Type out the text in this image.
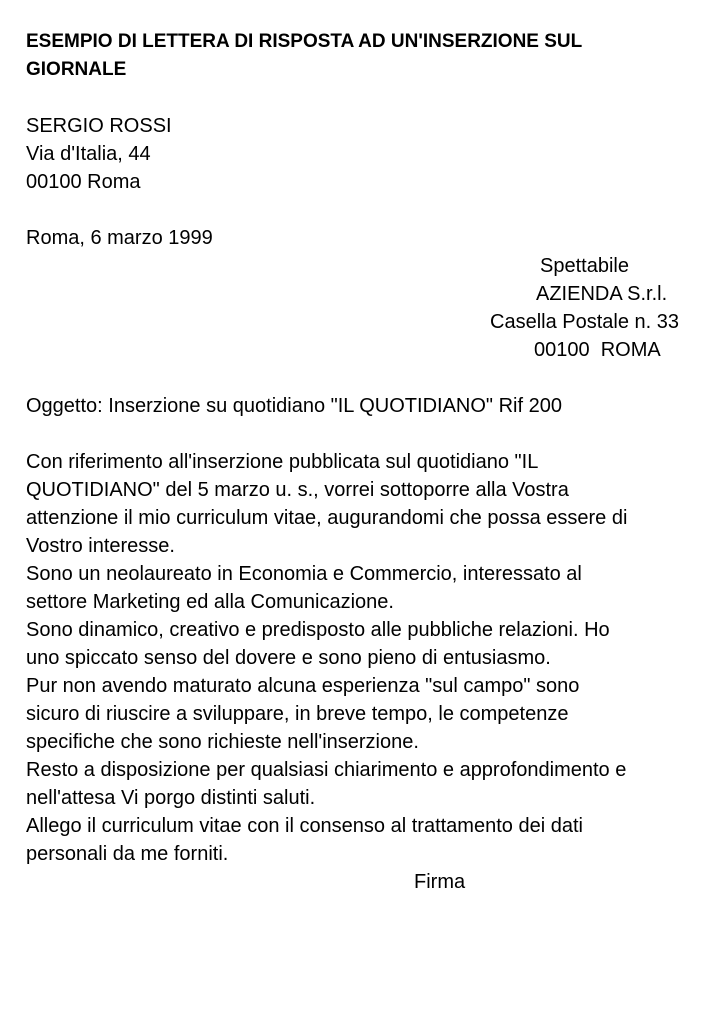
ESEMPIO DI LETTERA DI RISPOSTA AD UN'INSERZIONE SUL
GIORNALE
SERGIO ROSSI
Via d'Italia, 44
00100 Roma
Roma, 6 marzo 1999
Spettabile
AZIENDA S.r.l.
Casella Postale n. 33
00100  ROMA
Oggetto: Inserzione su quotidiano "IL QUOTIDIANO" Rif 200
Con riferimento all'inserzione pubblicata sul quotidiano "IL
QUOTIDIANO" del 5 marzo u. s., vorrei sottoporre alla Vostra
attenzione il mio curriculum vitae, augurandomi che possa essere di
Vostro interesse.
Sono un neolaureato in Economia e Commercio, interessato al
settore Marketing ed alla Comunicazione.
Sono dinamico, creativo e predisposto alle pubbliche relazioni. Ho
uno spiccato senso del dovere e sono pieno di entusiasmo.
Pur non avendo maturato alcuna esperienza "sul campo" sono
sicuro di riuscire a sviluppare, in breve tempo, le competenze
specifiche che sono richieste nell'inserzione.
Resto a disposizione per qualsiasi chiarimento e approfondimento e
nell'attesa Vi porgo distinti saluti.
Allego il curriculum vitae con il consenso al trattamento dei dati
personali da me forniti.
Firma
